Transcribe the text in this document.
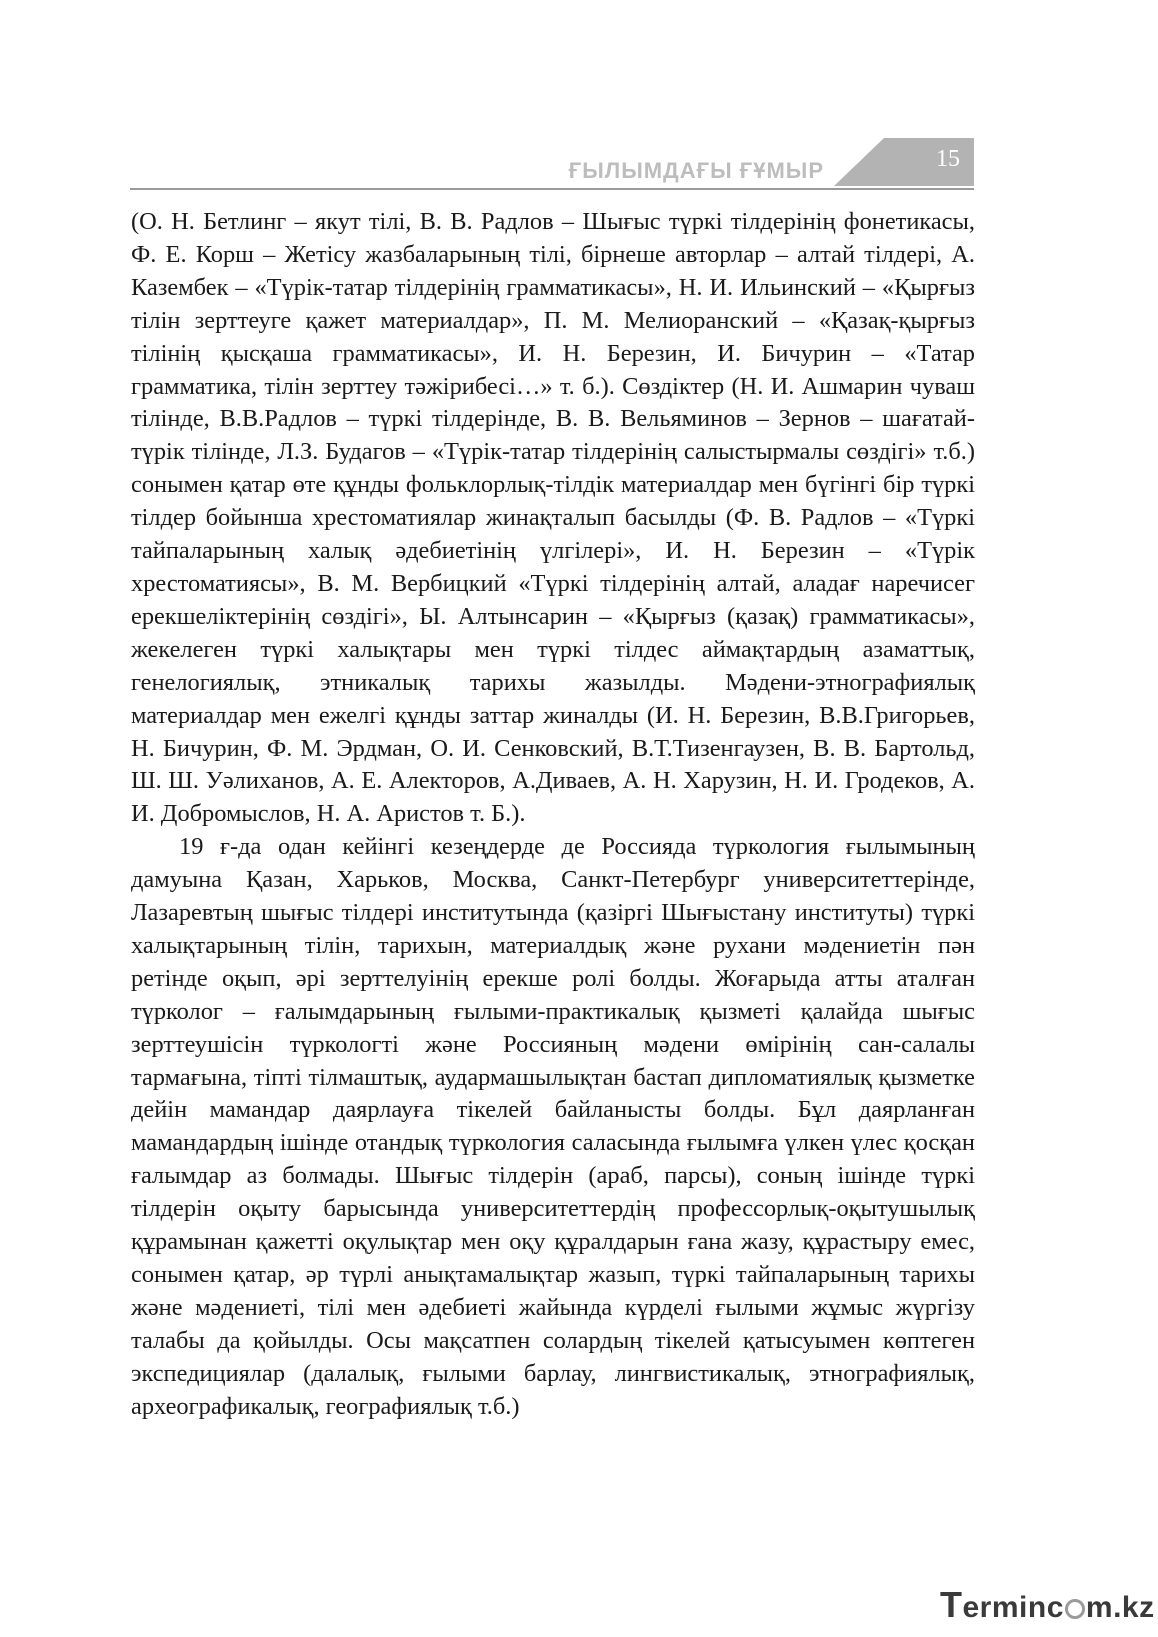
ҒЫЛЫМДАҒЫ ҒҰМЫР	15

(О. Н. Бетлинг – якут тілі, В. В. Радлов – Шығыс түркі тілдерінің фонетикасы, Ф. Е. Корш – Жетісу жазбаларының тілі, бірнеше авторлар – алтай тілдері, А. Казембек – «Түрік-татар тілдерінің грамматикасы», Н. И. Ильинский – «Қырғыз тілін зерттеуге қажет материалдар», П. М. Мелиоранский – «Қазақ-қырғыз тілінің қысқаша грамматикасы», И. Н. Березин, И. Бичурин – «Татар грамматика, тілін зерттеу тәжірибесі…» т. б.). Сөздіктер (Н. И. Ашмарин чуваш тілінде, В.В.Радлов – түркі тілдерінде, В. В. Вельяминов – Зернов – шағатай-түрік тілінде, Л.З. Будагов – «Түрік-татар тілдерінің салыстырмалы сөздігі» т.б.) сонымен қатар өте құнды фольклорлық-тілдік материалдар мен бүгінгі бір түркі тілдер бойынша хрестоматиялар жинақталып басылды (Ф. В. Радлов – «Түркі тайпаларының халық әдебиетінің үлгілері», И. Н. Березин – «Түрік хрестоматиясы», В. М. Вербицкий «Түркі тілдерінің алтай, аладағ наречисег ерекшеліктерінің сөздігі», Ы. Алтынсарин – «Қырғыз (қазақ) грамматикасы», жекелеген түркі халықтары мен түркі тілдес аймақтардың азаматтық, генелогиялық, этникалық тарихы жазылды. Мәдени-этнографиялық материалдар мен ежелгі құнды заттар жиналды (И. Н. Березин, В.В.Григорьев, Н. Бичурин, Ф. М. Эрдман, О. И. Сенковский, В.Т.Тизенгаузен, В. В. Бартольд, Ш. Ш. Уәлиханов, А. Е. Алекторов, А.Диваев, А. Н. Харузин, Н. И. Гродеков, А. И. Добромыслов, Н. А. Аристов т. Б.).

19 ғ-да одан кейінгі кезеңдерде де Россияда түркология ғылымының дамуына Қазан, Харьков, Москва, Санкт-Петербург университеттерінде, Лазаревтың шығыс тілдері институтында (қазіргі Шығыстану институты) түркі халықтарының тілін, тарихын, материалдық және рухани мәдениетін пән ретінде оқып, әрі зерттелуінің ерекше ролі болды. Жоғарыда атты аталған түрколог – ғалымдарының ғылыми-практикалық қызметі қалайда шығыс зерттеушісін түркологті және Россияның мәдени өмірінің сан-салалы тармағына, тіпті тілмаштық, аудармашылықтан бастап дипломатиялық қызметке дейін мамандар даярлауға тікелей байланысты болды. Бұл даярланған мамандардың ішінде отандық түркология саласында ғылымға үлкен үлес қосқан ғалымдар аз болмады. Шығыс тілдерін (араб, парсы), соның ішінде түркі тілдерін оқыту барысында университеттердің профессорлық-оқытушылық құрамынан қажетті оқулықтар мен оқу құралдарын ғана жазу, құрастыру емес, сонымен қатар, әр түрлі анықтамалықтар жазып, түркі тайпаларының тарихы және мәдениеті, тілі мен әдебиеті жайында күрделі ғылыми жұмыс жүргізу талабы да қойылды. Осы мақсатпен солардың тікелей қатысуымен көптеген экспедициялар (далалық, ғылыми барлау, лингвистикалық, этнографиялық, археографикалық, географиялық т.б.)

Terminc m.kz
